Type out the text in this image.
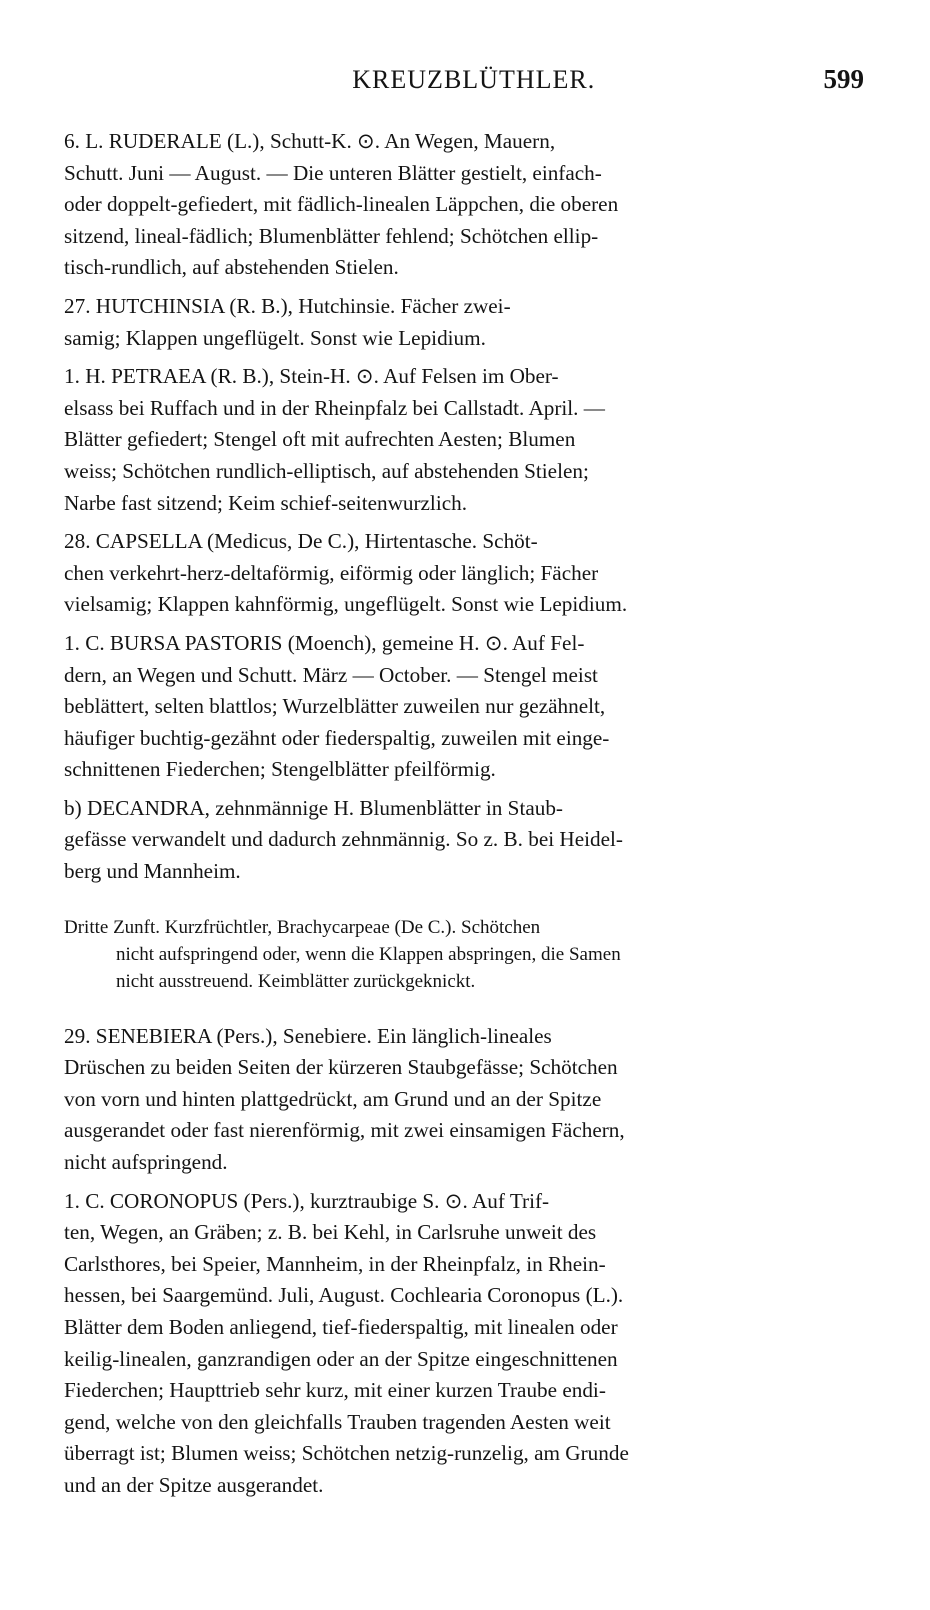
KREUZBLÜTHLER.	599

6. L. RUDERALE (L.), Schutt-K. ⊙. An Wegen, Mauern,
Schutt. Juni — August. — Die unteren Blätter gestielt, einfach-
oder doppelt-gefiedert, mit fädlich-linealen Läppchen, die oberen
sitzend, lineal-fädlich; Blumenblätter fehlend; Schötchen ellip-
tisch-rundlich, auf abstehenden Stielen.

27. HUTCHINSIA (R. B.), Hutchinsie. Fächer zwei-
samig; Klappen ungeflügelt. Sonst wie Lepidium.

1. H. PETRAEA (R. B.), Stein-H. ⊙. Auf Felsen im Ober-
elsass bei Ruffach und in der Rheinpfalz bei Callstadt. April. —
Blätter gefiedert; Stengel oft mit aufrechten Aesten; Blumen
weiss; Schötchen rundlich-elliptisch, auf abstehenden Stielen;
Narbe fast sitzend; Keim schief-seitenwurzlich.

28. CAPSELLA (Medicus, De C.), Hirtentasche. Schöt-
chen verkehrt-herz-deltaförmig, eiförmig oder länglich; Fächer
vielsamig; Klappen kahnförmig, ungeflügelt. Sonst wie Lepidium.

1. C. BURSA PASTORIS (Moench), gemeine H. ⊙. Auf Fel-
dern, an Wegen und Schutt. März — October. — Stengel meist
beblättert, selten blattlos; Wurzelblätter zuweilen nur gezähnelt,
häufiger buchtig-gezähnt oder fiederspaltig, zuweilen mit einge-
schnittenen Fiederchen; Stengelblätter pfeilförmig.

b) DECANDRA, zehnmännige H. Blumenblätter in Staub-
gefässe verwandelt und dadurch zehnmännig. So z. B. bei Heidel-
berg und Mannheim.

Dritte Zunft. Kurzfrüchtler, Brachycarpeae (De C.). Schötchen
nicht aufspringend oder, wenn die Klappen abspringen, die Samen
nicht ausstreuend. Keimblätter zurückgeknickt.

29. SENEBIERA (Pers.), Senebiere. Ein länglich-lineales
Drüschen zu beiden Seiten der kürzeren Staubgefässe; Schötchen
von vorn und hinten plattgedrückt, am Grund und an der Spitze
ausgerandet oder fast nierenförmig, mit zwei einsamigen Fächern,
nicht aufspringend.

1. C. CORONOPUS (Pers.), kurztraubige S. ⊙. Auf Trif-
ten, Wegen, an Gräben; z. B. bei Kehl, in Carlsruhe unweit des
Carlsthores, bei Speier, Mannheim, in der Rheinpfalz, in Rhein-
hessen, bei Saargemünd. Juli, August. Cochlearia Coronopus (L.).
Blätter dem Boden anliegend, tief-fiederspaltig, mit linealen oder
keilig-linealen, ganzrandigen oder an der Spitze eingeschnittenen
Fiederchen; Haupttrieb sehr kurz, mit einer kurzen Traube endi-
gend, welche von den gleichfalls Trauben tragenden Aesten weit
überragt ist; Blumen weiss; Schötchen netzig-runzelig, am Grunde
und an der Spitze ausgerandet.
